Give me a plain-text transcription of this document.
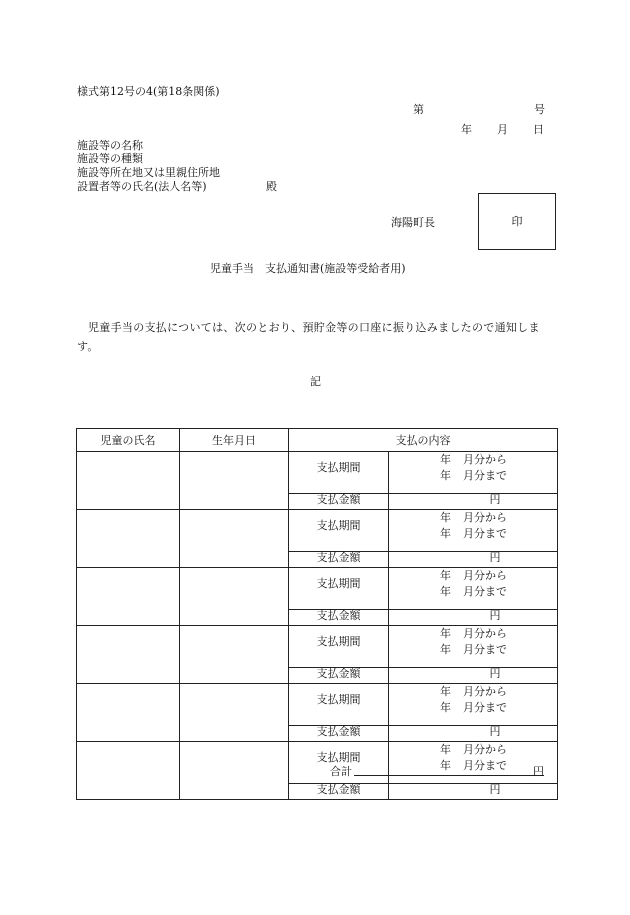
様式第12号の4(第18条関係)
第	号
年 月 日
施設等の名称
施設等の種類
施設等所在地又は里親住所地
設置者等の氏名(法人名等)	殿
海陽町長	印
児童手当　支払通知書(施設等受給者用)
児童手当の支払については、次のとおり、預貯金等の口座に振り込みましたので通知します。
記
児童の氏名	生年月日	支払の内容	
		支払期間	年 月分から
年 月分まで

		支払金額	円
		支払期間	年 月分から
年 月分まで

		支払金額	円
		支払期間	年 月分から
年 月分まで

		支払金額	円
		支払期間	年 月分から
年 月分まで

		支払金額	円
		支払期間	年 月分から
年 月分まで

		支払金額	円
		支払期間	年 月分から
年 月分まで

		支払金額	円
合計	円
